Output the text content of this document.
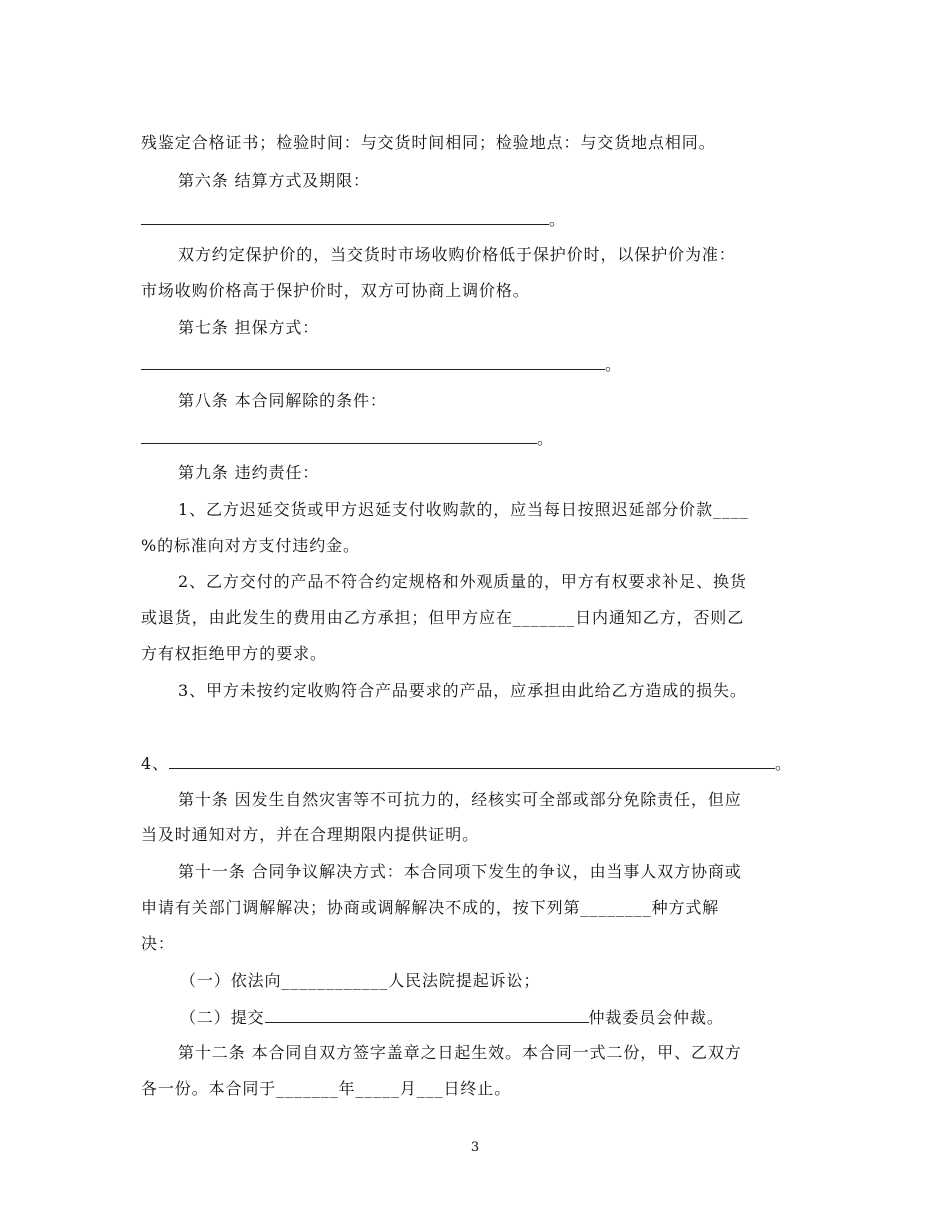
残鉴定合格证书；检验时间：与交货时间相同；检验地点：与交货地点相同。
第六条 结算方式及期限：
。
双方约定保护价的，当交货时市场收购价格低于保护价时，以保护价为准：
市场收购价格高于保护价时，双方可协商上调价格。
第七条 担保方式：
。
第八条 本合同解除的条件：
。
第九条 违约责任：
1、乙方迟延交货或甲方迟延支付收购款的，应当每日按照迟延部分价款____
%的标准向对方支付违约金。
2、乙方交付的产品不符合约定规格和外观质量的，甲方有权要求补足、换货
或退货，由此发生的费用由乙方承担；但甲方应在_______日内通知乙方，否则乙
方有权拒绝甲方的要求。
3、甲方未按约定收购符合产品要求的产品，应承担由此给乙方造成的损失。
4、	。
第十条 因发生自然灾害等不可抗力的，经核实可全部或部分免除责任，但应
当及时通知对方，并在合理期限内提供证明。
第十一条 合同争议解决方式：本合同项下发生的争议，由当事人双方协商或
申请有关部门调解解决；协商或调解解决不成的，按下列第________种方式解
决：
（一）依法向____________人民法院提起诉讼；
（二）提交	仲裁委员会仲裁。
第十二条 本合同自双方签字盖章之日起生效。本合同一式二份，甲、乙双方
各一份。本合同于_______年_____月___日终止。
3
